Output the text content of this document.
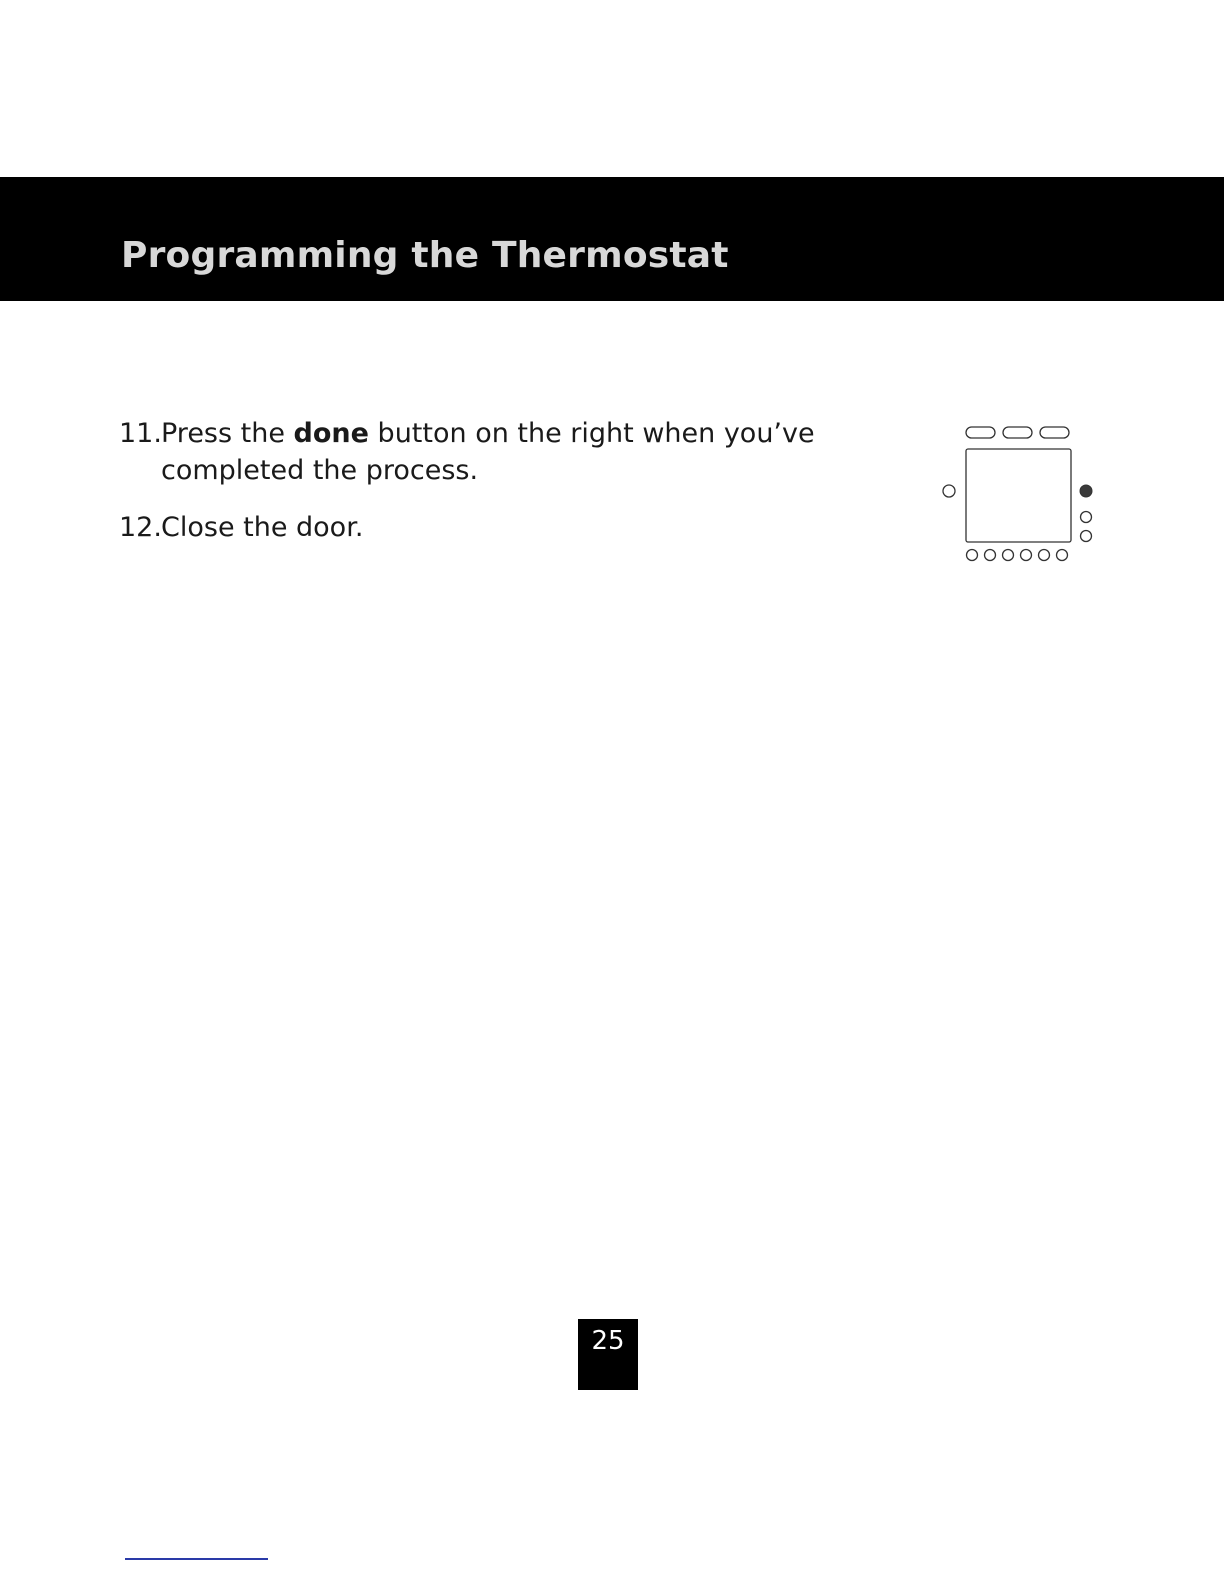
Programming the Thermostat
11. Press the done button on the right when you’ve
completed the process.
12. Close the door.
25
